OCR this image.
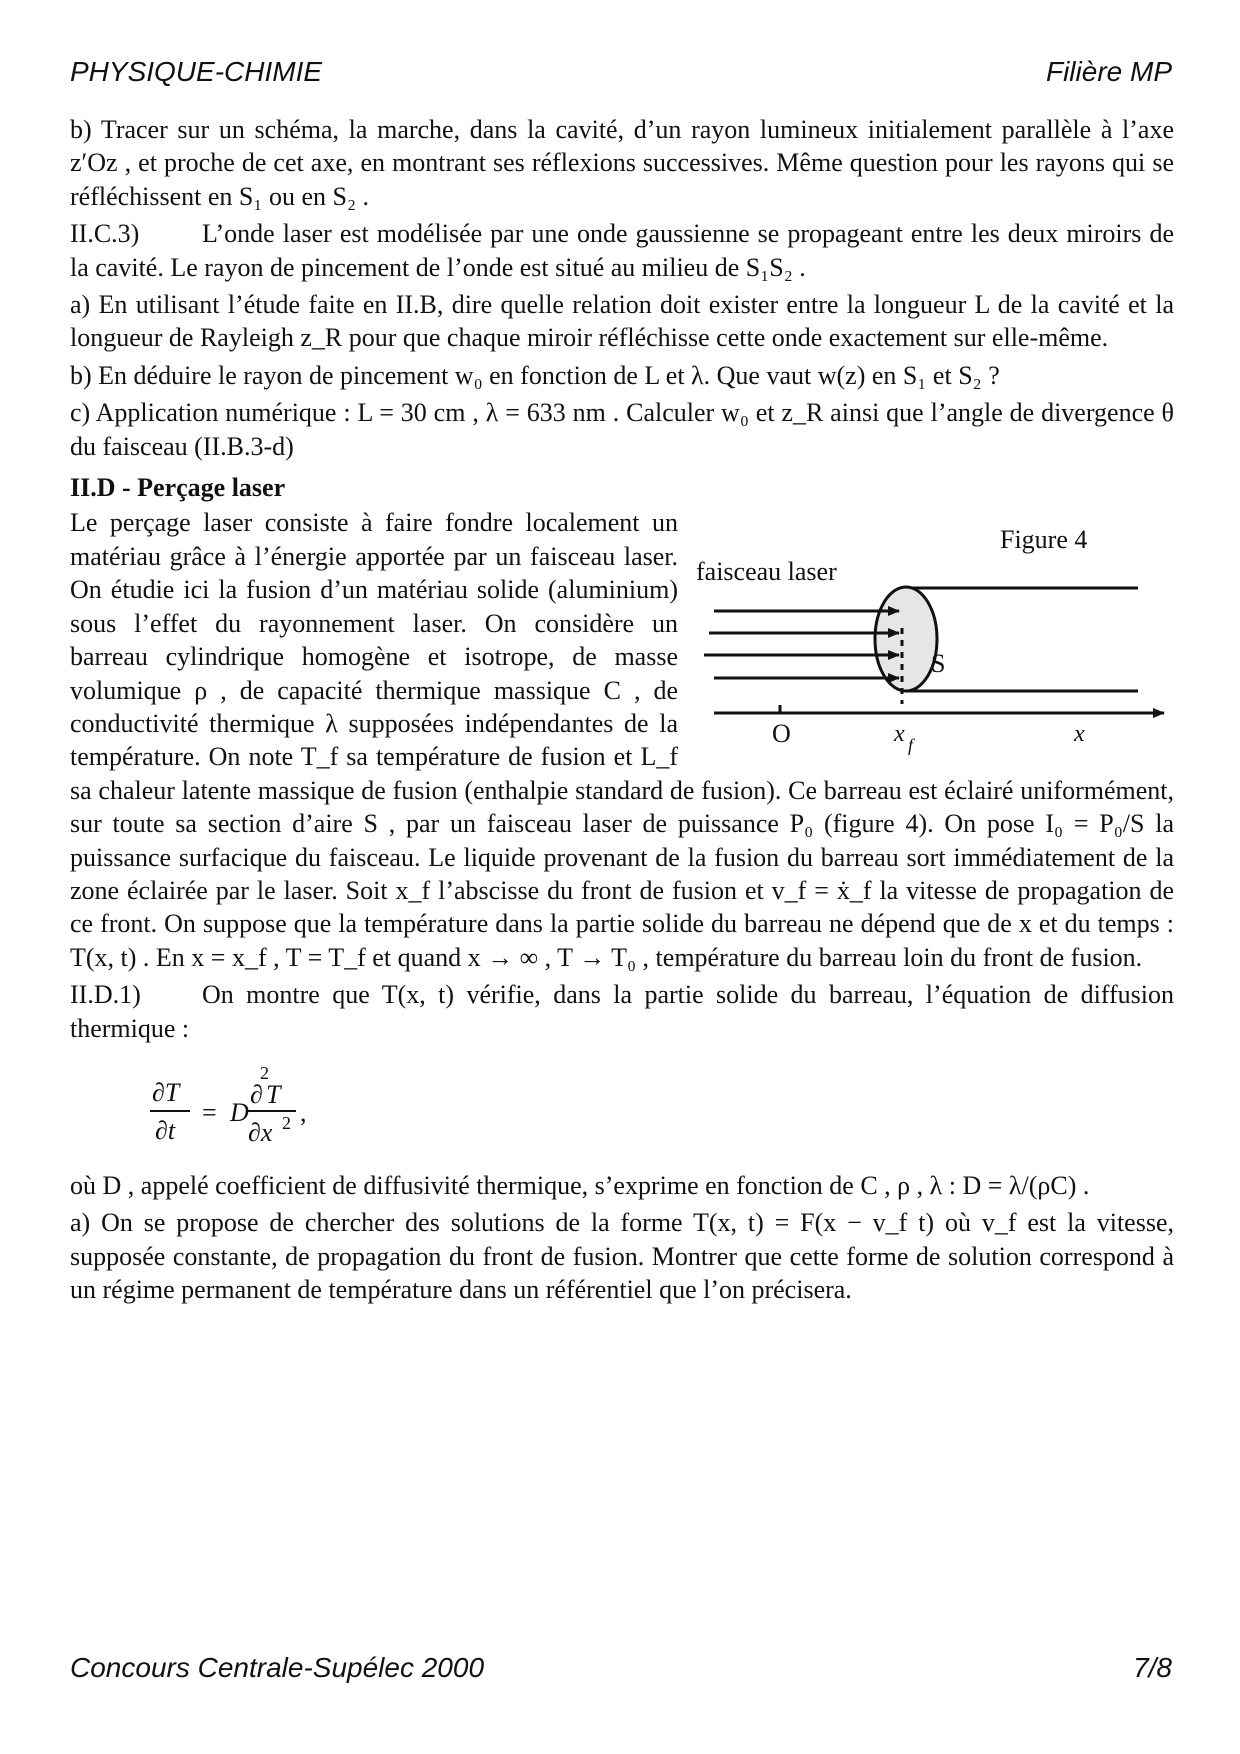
PHYSIQUE-CHIMIE	Filière MP

b) Tracer sur un schéma, la marche, dans la cavité, d’un rayon lumineux initialement parallèle à l’axe z′Oz , et proche de cet axe, en montrant ses réflexions successives. Même question pour les rayons qui se réfléchissent en S₁ ou en S₂ .

II.C.3) L’onde laser est modélisée par une onde gaussienne se propageant entre les deux miroirs de la cavité. Le rayon de pincement de l’onde est situé au milieu de S₁S₂ .

a) En utilisant l’étude faite en II.B, dire quelle relation doit exister entre la longueur L de la cavité et la longueur de Rayleigh z_R pour que chaque miroir réfléchisse cette onde exactement sur elle-même.

b) En déduire le rayon de pincement w₀ en fonction de L et λ. Que vaut w(z) en S₁ et S₂ ?

c) Application numérique : L = 30 cm , λ = 633 nm . Calculer w₀ et z_R ainsi que l’angle de divergence θ du faisceau (II.B.3-d)

II.D - Perçage laser

Figure 4
faisceau laser
S
O	x f	x

Le perçage laser consiste à faire fondre localement un matériau grâce à l’énergie apportée par un faisceau laser. On étudie ici la fusion d’un matériau solide (aluminium) sous l’effet du rayonnement laser. On considère un barreau cylindrique homogène et isotrope, de masse volumique ρ , de capacité thermique massique C , de conductivité thermique λ supposées indépendantes de la température. On note T_f sa température de fusion et L_f sa chaleur latente massique de fusion (enthalpie standard de fusion). Ce barreau est éclairé uniformément, sur toute sa section d’aire S , par un faisceau laser de puissance P₀ (figure 4). On pose I₀ = P₀/S la puissance surfacique du faisceau. Le liquide provenant de la fusion du barreau sort immédiatement de la zone éclairée par le laser. Soit x_f l’abscisse du front de fusion et v_f = ẋ_f la vitesse de propagation de ce front. On suppose que la température dans la partie solide du barreau ne dépend que de x et du temps : T(x, t) . En x = x_f , T = T_f et quand x → ∞ , T → T₀ , température du barreau loin du front de fusion.

II.D.1) On montre que T(x, t) vérifie, dans la partie solide du barreau, l’équation de diffusion thermique :

∂T
∂t
= D
∂
2
T
∂x 2 ,

où D , appelé coefficient de diffusivité thermique, s’exprime en fonction de C , ρ , λ : D = λ/(ρC) .

a) On se propose de chercher des solutions de la forme T(x, t) = F(x − v_f t) où v_f est la vitesse, supposée constante, de propagation du front de fusion. Montrer que cette forme de solution correspond à un régime permanent de température dans un référentiel que l’on précisera.

Concours Centrale-Supélec 2000	7/8
